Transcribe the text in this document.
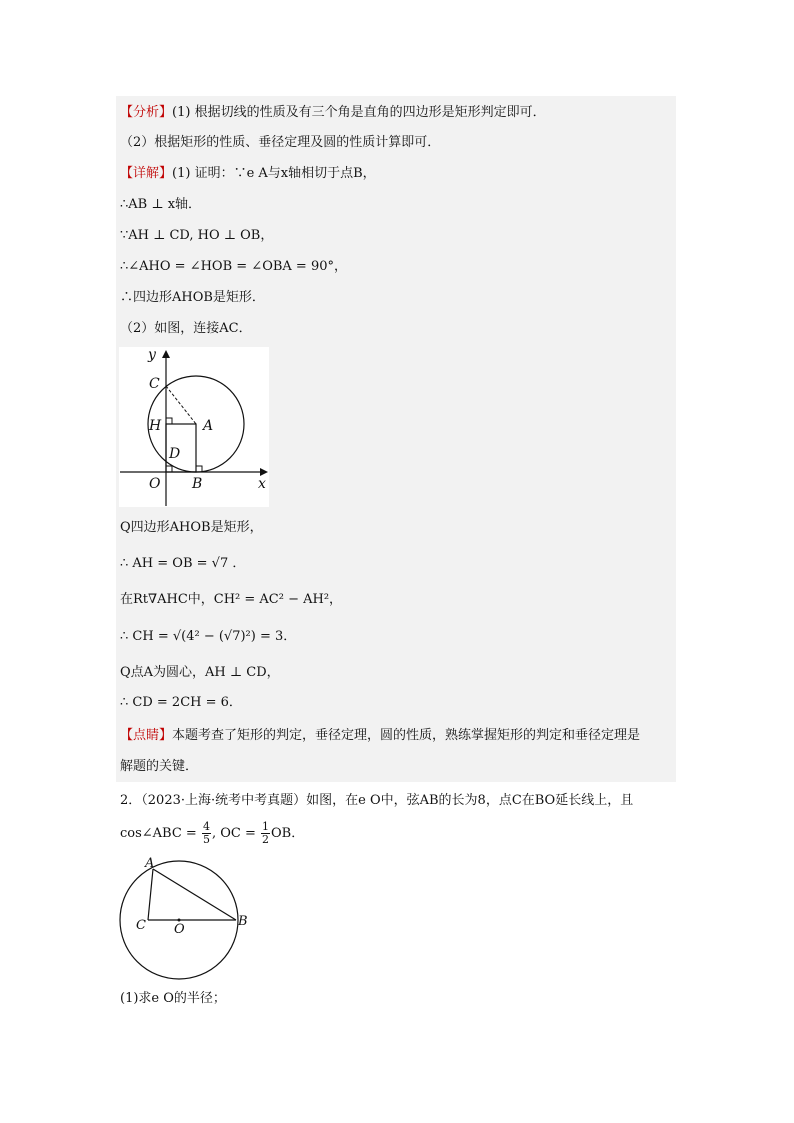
【分析】(1) 根据切线的性质及有三个角是直角的四边形是矩形判定即可．
（2）根据矩形的性质、垂径定理及圆的性质计算即可．
【详解】(1) 证明：∵e A与x轴相切于点B，
∴AB ⊥ x轴．
∵AH ⊥ CD, HO ⊥ OB，
∴∠AHO = ∠HOB = ∠OBA = 90°，
∴四边形AHOB是矩形．
（2）如图，连接AC．
y
x
C
H	A
D
O B
Q四边形AHOB是矩形，
∴ AH = OB = √7 ．
在Rt∇AHC中，CH² = AC² − AH²，
∴ CH = √(4² − (√7)²) = 3．
Q点A为圆心，AH ⊥ CD，
∴ CD = 2CH = 6．
【点睛】本题考查了矩形的判定，垂径定理，圆的性质，熟练掌握矩形的判定和垂径定理是
解题的关键．
2．（2023·上海·统考中考真题）如图，在e O中，弦AB的长为8，点C在BO延长线上，且
cos∠ABC = $\frac{4}{5}$ , OC = $\frac{1}{2}$ OB．
A
B
C O
(1)求e O的半径；
